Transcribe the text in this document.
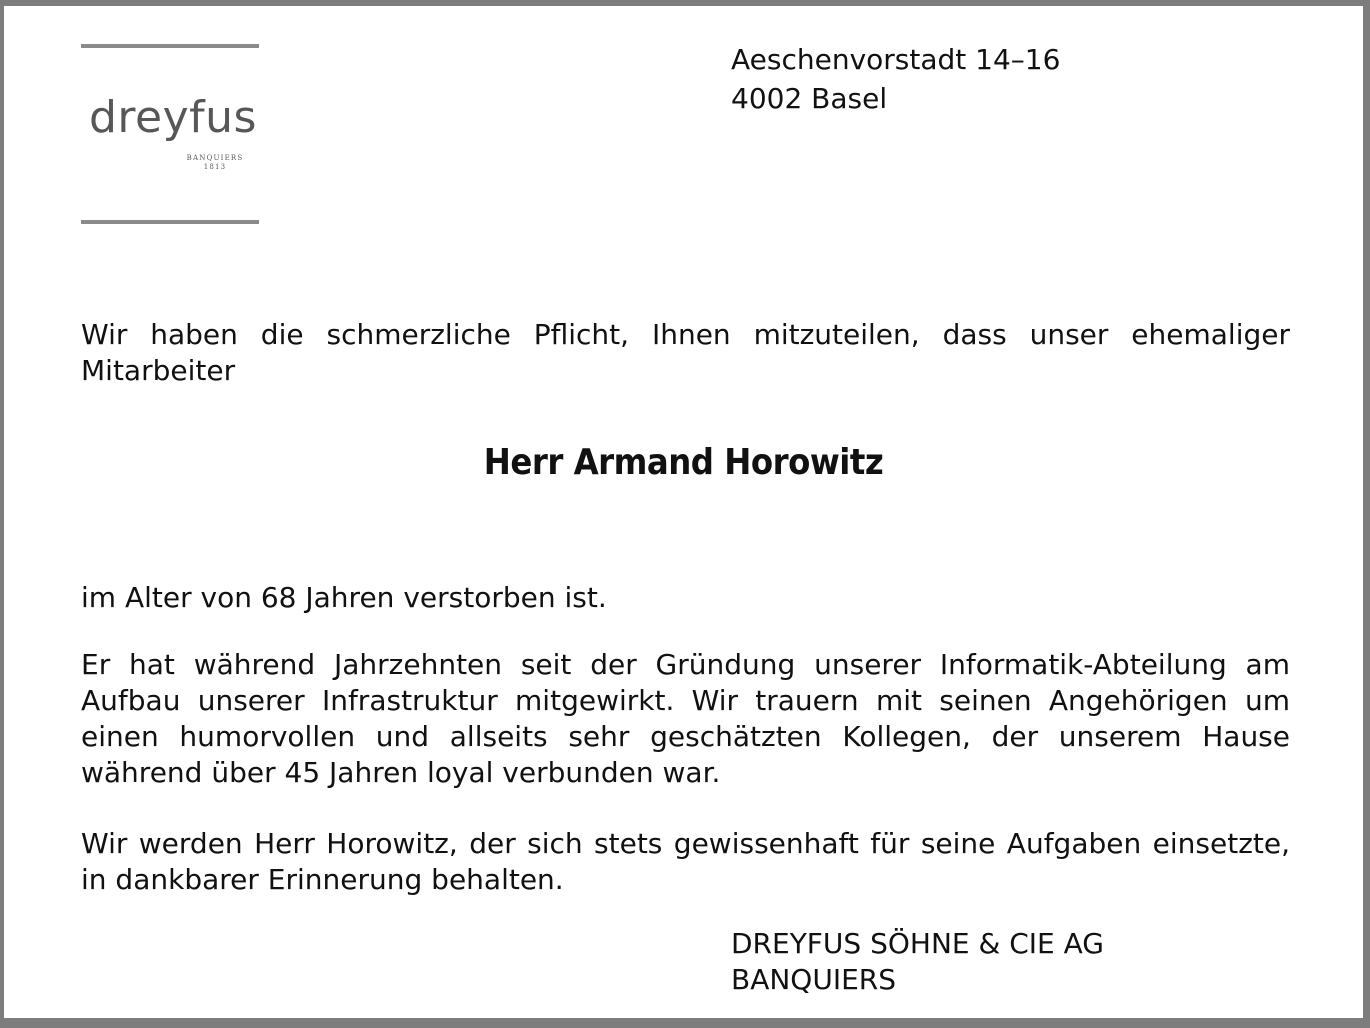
dreyfus
BANQUIERS
1813
Aeschenvorstadt 14–16
4002 Basel

Wir haben die schmerzliche Pflicht, Ihnen mitzuteilen, dass unser ehemaliger Mitarbeiter

Herr Armand Horowitz

im Alter von 68 Jahren verstorben ist.

Er hat während Jahrzehnten seit der Gründung unserer Informatik-Abteilung am Aufbau unserer Infrastruktur mitgewirkt. Wir trauern mit seinen Angehörigen um einen humorvollen und allseits sehr geschätzten Kollegen, der unserem Hause während über 45 Jahren loyal verbunden war.

Wir werden Herr Horowitz, der sich stets gewissenhaft für seine Aufgaben einsetzte, in dankbarer Erinnerung behalten.

DREYFUS SÖHNE & CIE AG
BANQUIERS
